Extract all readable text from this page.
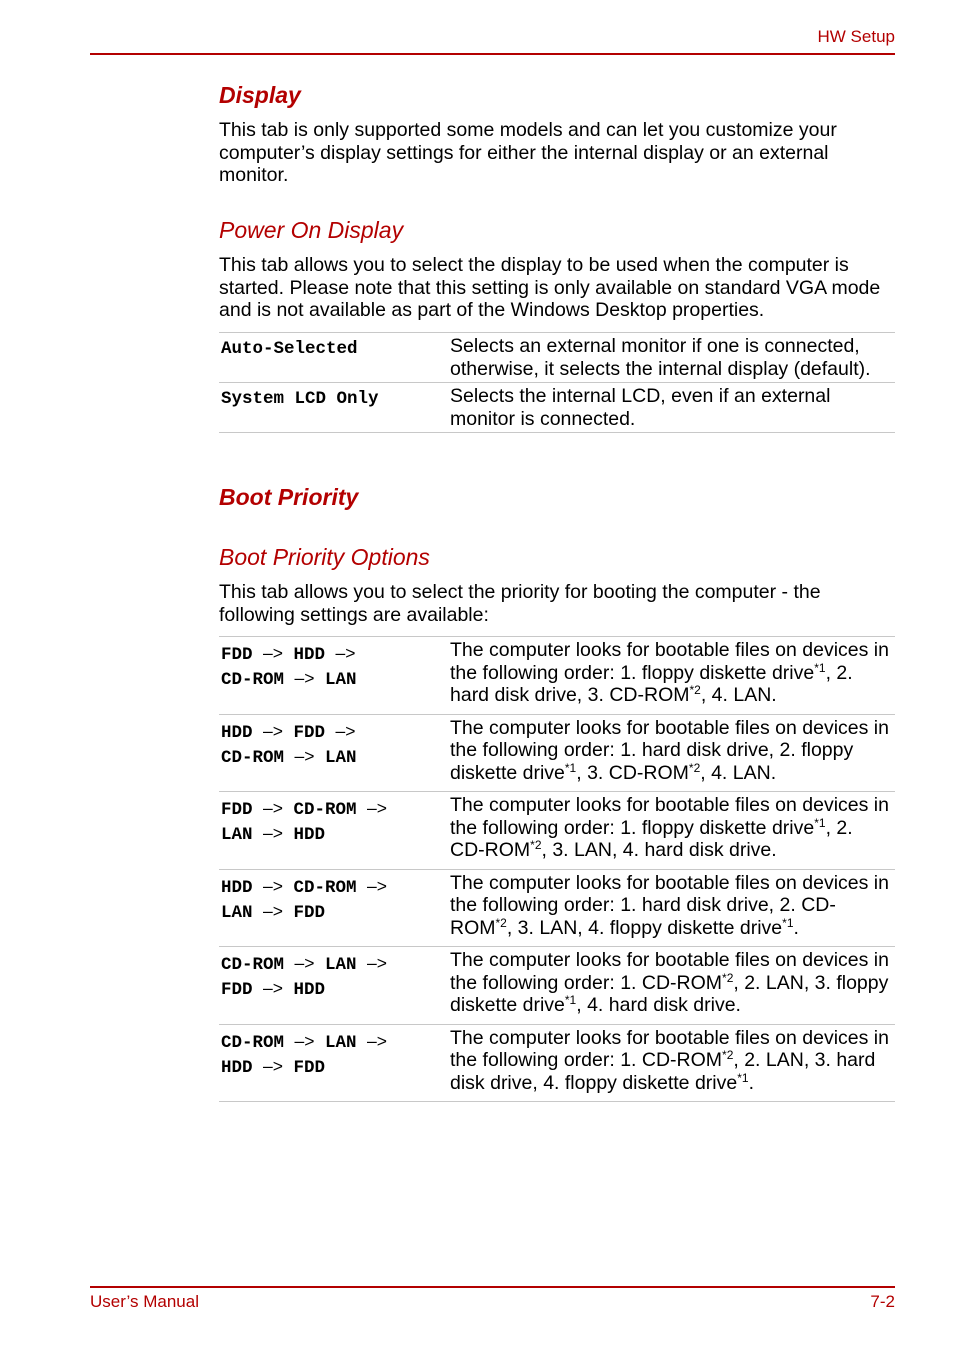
HW Setup
Display
This tab is only supported some models and can let you customize your computer’s display settings for either the internal display or an external monitor.
Power On Display
This tab allows you to select the display to be used when the computer is started. Please note that this setting is only available on standard VGA mode and is not available as part of the Windows Desktop properties.
Auto-Selected	Selects an external monitor if one is connected, otherwise, it selects the internal display (default).
System LCD Only	Selects the internal LCD, even if an external monitor is connected.
Boot Priority
Boot Priority Options
This tab allows you to select the priority for booting the computer - the following settings are available:
FDD –> HDD –>
CD-ROM –> LAN	The computer looks for bootable files on devices in the following order: 1. floppy diskette drive$^{*1}$, 2. hard disk drive, 3. CD-ROM$^{*2}$, 4. LAN.
HDD –> FDD –>
CD-ROM –> LAN	The computer looks for bootable files on devices in the following order: 1. hard disk drive, 2. floppy diskette drive$^{*1}$, 3. CD-ROM$^{*2}$, 4. LAN.
FDD –> CD-ROM –>
LAN –> HDD	The computer looks for bootable files on devices in the following order: 1. floppy diskette drive$^{*1}$, 2. CD-ROM$^{*2}$, 3. LAN, 4. hard disk drive.
HDD –> CD-ROM –>
LAN –> FDD	The computer looks for bootable files on devices in the following order: 1. hard disk drive, 2. CD-ROM$^{*2}$, 3. LAN, 4. floppy diskette drive$^{*1}$.
CD-ROM –> LAN –>
FDD –> HDD	The computer looks for bootable files on devices in the following order: 1. CD-ROM$^{*2}$, 2. LAN, 3. floppy diskette drive$^{*1}$, 4. hard disk drive.
CD-ROM –> LAN –>
HDD –> FDD	The computer looks for bootable files on devices in the following order: 1. CD-ROM$^{*2}$, 2. LAN, 3. hard disk drive, 4. floppy diskette drive$^{*1}$.
User’s Manual	7-2
